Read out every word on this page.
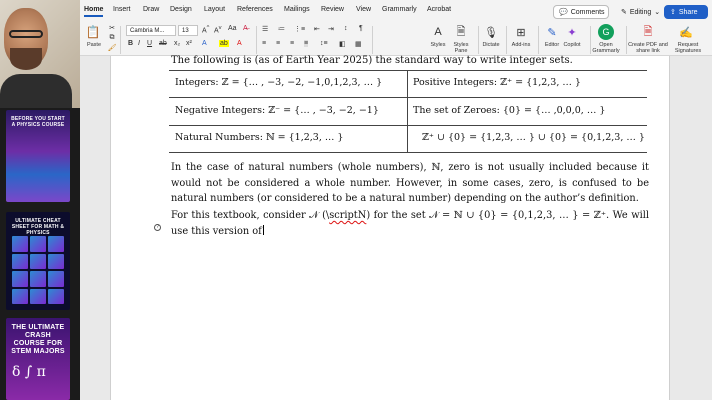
BEFORE YOU START A PHYSICS COURSE
ULTIMATE CHEAT SHEET FOR MATH & PHYSICS
THE ULTIMATE CRASH COURSE FOR STEM MAJORS
δ ∫ π
Home Insert Draw Design Layout References Mailings Review View Grammarly Acrobat	💬 Comments ✎ Editing ⌄ ⇪ Share
📋
Paste
✂
⧉
🖌
Cambria M...	13 A^ $A^v$ Aa A̶
B I U ab x₂ x² A ab A
☰ ≔ ⋮≡ ⇤ ⇥ ↕ ¶
≡ ≡ ≡ ≡ ↕≡ ◧ ▦
A
Styles
🗎
Styles Pane
🎙
Dictate
⊞
Add-ins
✎
Editor
✦
Copilot
G
Open Grammarly
🗎
Create PDF and share link
✍
Request Signatures
The following is (as of Earth Year 2025) the standard way to write integer sets.
Integers: ℤ = {… , −3, −2, −1,0,1,2,3, … }	Positive Integers: ℤ⁺ = {1,2,3, … }
Negative Integers: ℤ⁻ = {… , −3, −2, −1}	The set of Zeroes: {0} = {… ,0,0,0, … }
Natural Numbers: ℕ = {1,2,3, … }	ℤ⁺ ∪ {0} = {1,2,3, … } ∪ {0} = {0,1,2,3, … }
In the case of natural numbers (whole numbers), ℕ, zero is not usually included because it would not be considered a whole number. However, in some cases, zero, is confused to be natural numbers (or considered to be a natural number) depending on the author’s definition.
?
For this textbook, consider 𝒩 (\scriptN) for the set 𝒩 = ℕ ∪ {0} = {0,1,2,3, … } = ℤ⁺. We will use this version of
